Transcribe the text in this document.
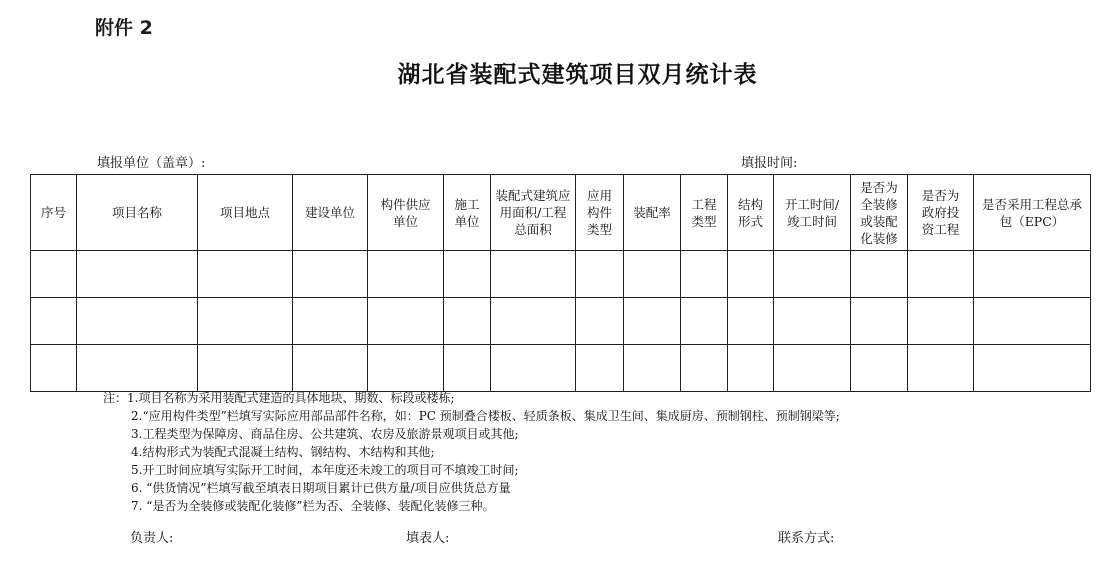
附件 2
湖北省装配式建筑项目双月统计表
填报单位（盖章）:	填报时间:
序号	项目名称	项目地点	建设单位	构件供应单位	施工单位	装配式建筑应用面积/工程总面积	应用构件类型	装配率	工程类型	结构形式	开工时间/竣工时间	是否为全装修或装配化装修	是否为政府投资工程	是否采用工程总承包（EPC）

注：1.项目名称为采用装配式建造的具体地块、期数、标段或楼栋;
2.“应用构件类型”栏填写实际应用部品部件名称，如：PC 预制叠合楼板、轻质条板、集成卫生间、集成厨房、预制钢柱、预制钢梁等;
3.工程类型为保障房、商品住房、公共建筑、农房及旅游景观项目或其他;
4.结构形式为装配式混凝土结构、钢结构、木结构和其他;
5.开工时间应填写实际开工时间，本年度还未竣工的项目可不填竣工时间;
6. “供货情况”栏填写截至填表日期项目累计已供方量/项目应供货总方量
7. “是否为全装修或装配化装修”栏为否、全装修、装配化装修三种。
负责人:	填表人:	联系方式:
